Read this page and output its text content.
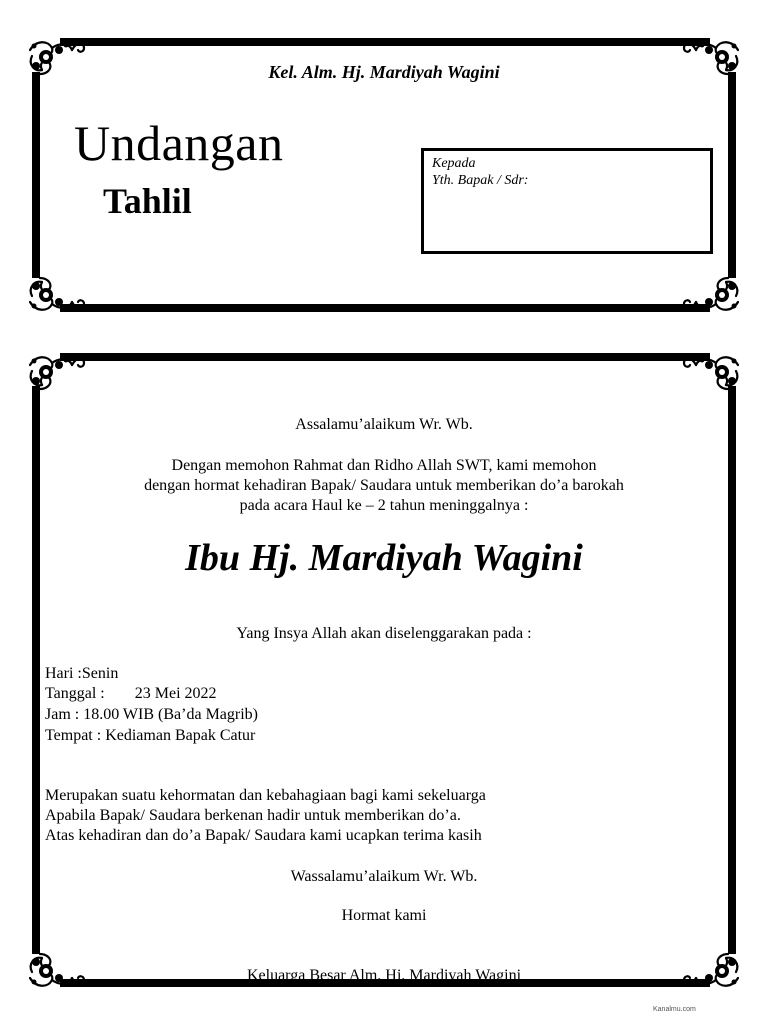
Kel. Alm. Hj. Mardiyah Wagini
Undangan
Tahlil
Kepada
Yth. Bapak / Sdr:
Assalamu’alaikum Wr. Wb.
Dengan memohon Rahmat dan Ridho Allah SWT, kami memohon
dengan hormat kehadiran Bapak/ Saudara untuk memberikan do’a barokah
pada acara Haul ke – 2 tahun meninggalnya :
Ibu Hj. Mardiyah Wagini
Yang Insya Allah akan diselenggarakan pada :
Hari :Senin
Tanggal : 23 Mei 2022
Jam : 18.00 WIB (Ba’da Magrib)
Tempat : Kediaman Bapak Catur
Merupakan suatu kehormatan dan kebahagiaan bagi kami sekeluarga
Apabila Bapak/ Saudara berkenan hadir untuk memberikan do’a.
Atas kehadiran dan do’a Bapak/ Saudara kami ucapkan terima kasih
Wassalamu’alaikum Wr. Wb.
Hormat kami
Keluarga Besar Alm. Hj. Mardiyah Wagini
Kanalmu.com
